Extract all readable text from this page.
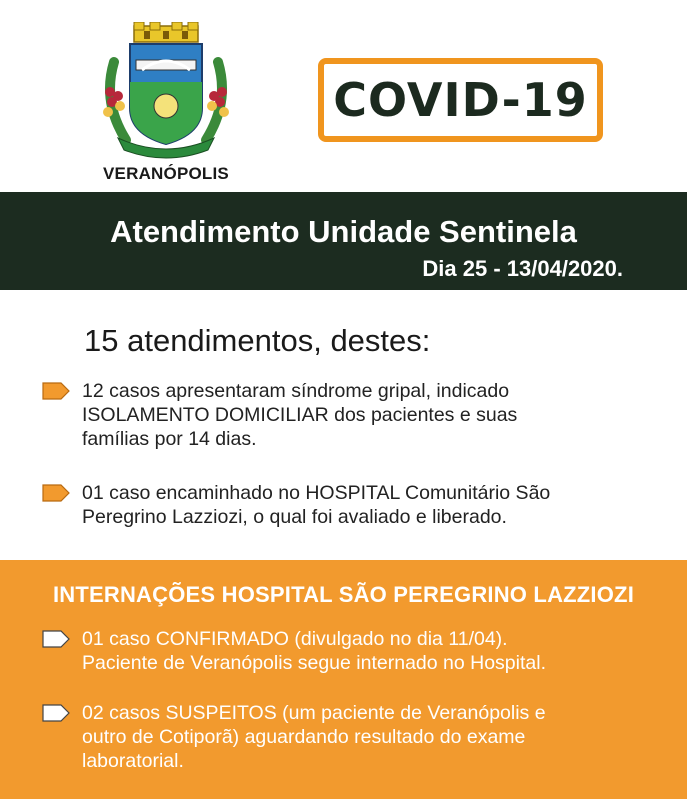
VERANÓPOLIS
COVID-19
Atendimento Unidade Sentinela
Dia 25 - 13/04/2020.
15 atendimentos, destes:
12 casos apresentaram síndrome gripal, indicado
ISOLAMENTO DOMICILIAR dos pacientes e suas
famílias por 14 dias.
01 caso encaminhado no HOSPITAL Comunitário São
Peregrino Lazziozi, o qual foi avaliado e liberado.
INTERNAÇÕES HOSPITAL SÃO PEREGRINO LAZZIOZI
01 caso CONFIRMADO (divulgado no dia 11/04).
Paciente de Veranópolis segue internado no Hospital.
02 casos SUSPEITOS (um paciente de Veranópolis e
outro de Cotiporã) aguardando resultado do exame
laboratorial.
